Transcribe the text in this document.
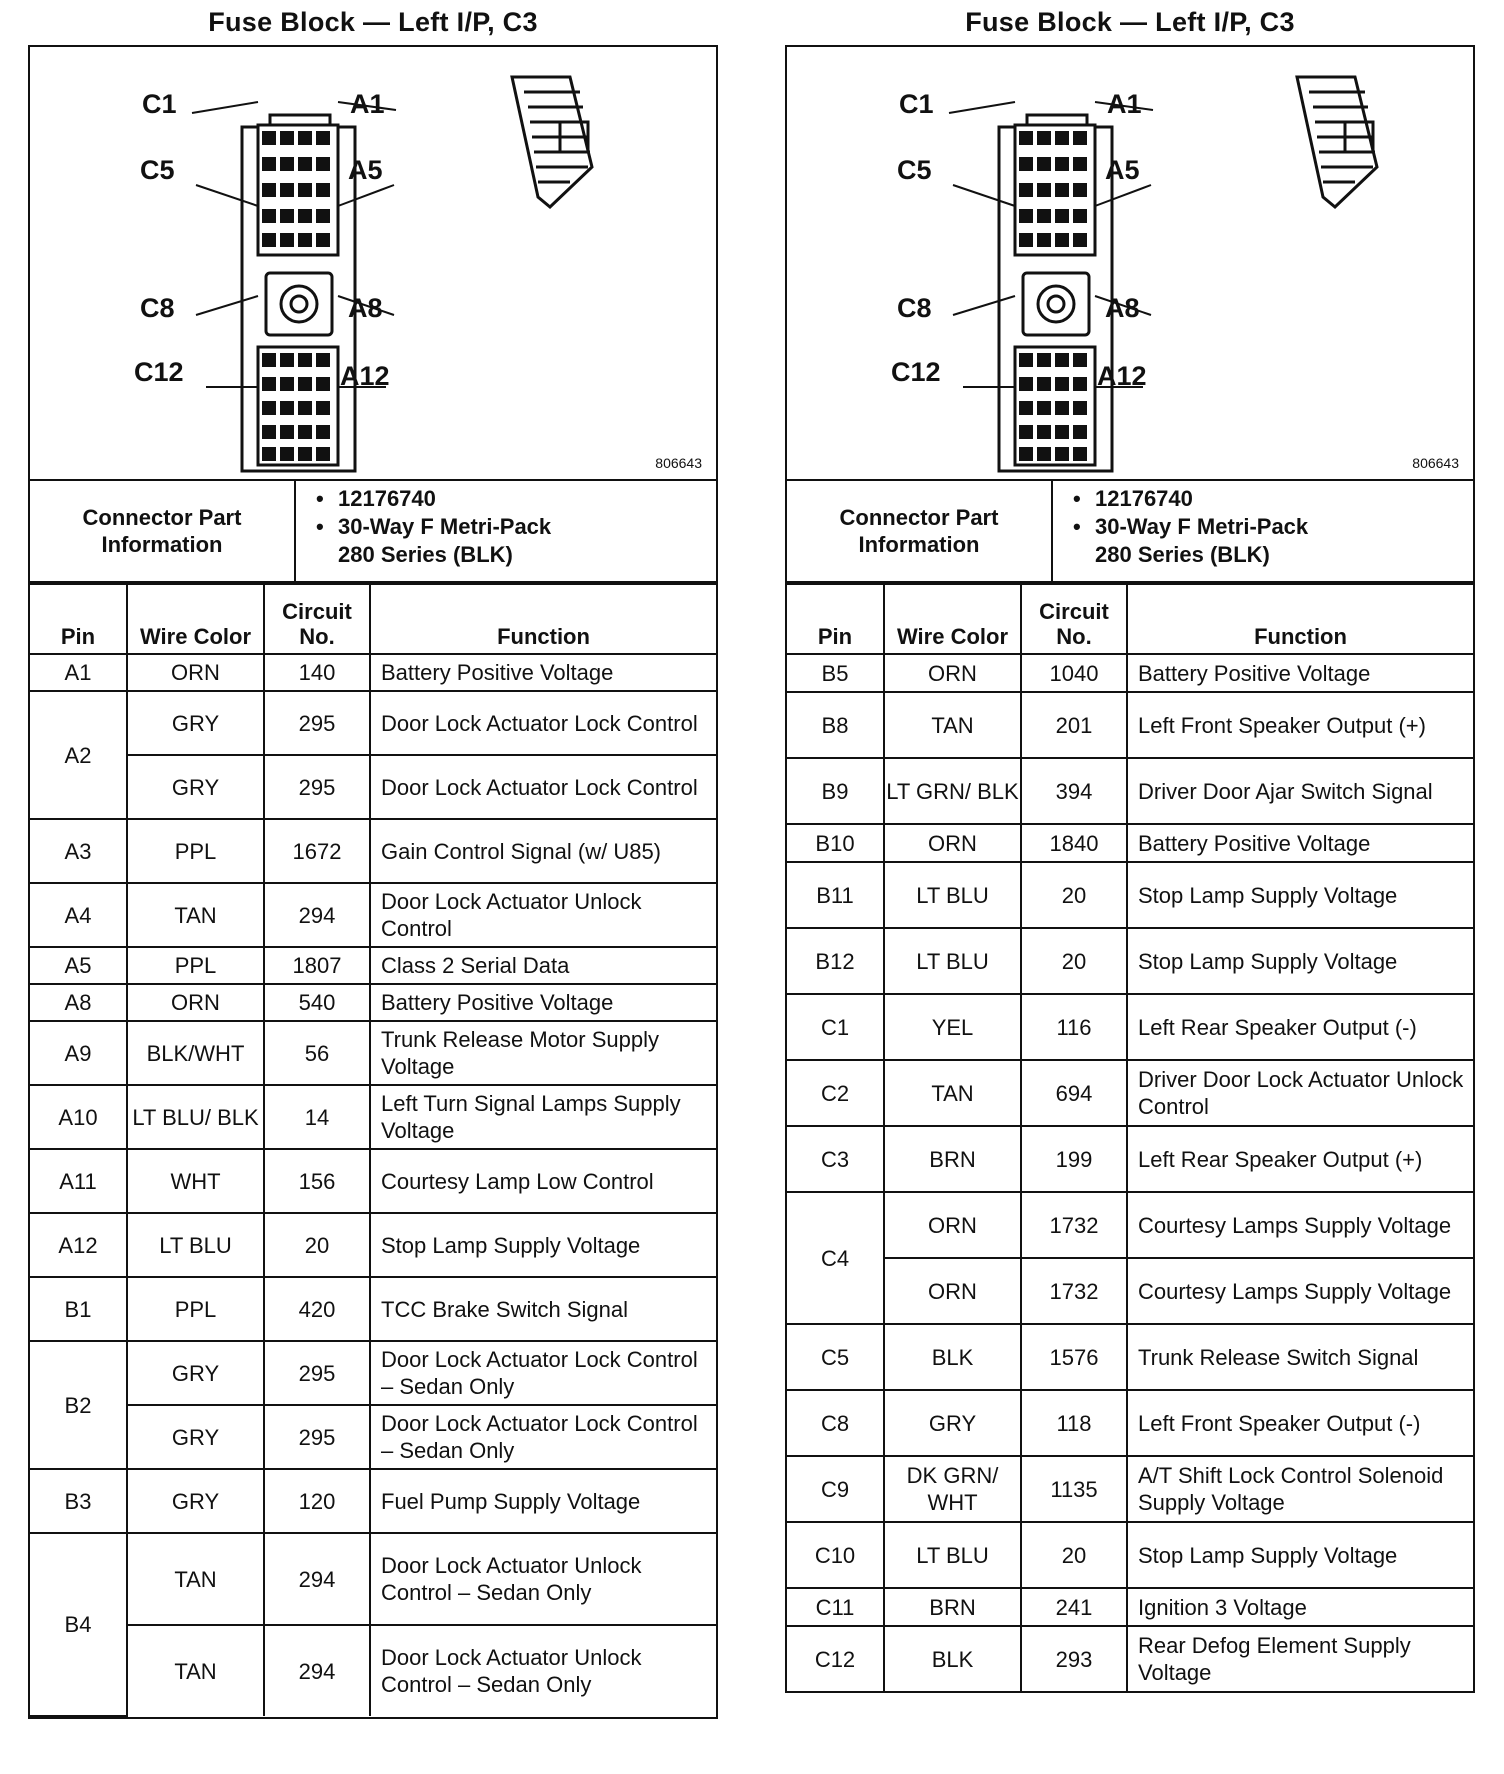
Fuse Block — Left I/P, C3
C1	A1
C5	A5
C8	A8
C12	A12
806643
Connector Part Information
• 12176740
• 30-Way F Metri-Pack
280 Series (BLK)
Pin	Wire Color	Circuit No.	Function
A1	ORN	140	Battery Positive Voltage
A2	GRY	295	Door Lock Actuator Lock Control
	GRY	295	Door Lock Actuator Lock Control
A3	PPL	1672	Gain Control Signal (w/ U85)
A4	TAN	294	Door Lock Actuator Unlock Control
A5	PPL	1807	Class 2 Serial Data
A8	ORN	540	Battery Positive Voltage
A9	BLK/WHT	56	Trunk Release Motor Supply Voltage
A10	LT BLU/ BLK	14	Left Turn Signal Lamps Supply Voltage
A11	WHT	156	Courtesy Lamp Low Control
A12	LT BLU	20	Stop Lamp Supply Voltage
B1	PPL	420	TCC Brake Switch Signal
B2	GRY	295	Door Lock Actuator Lock Control – Sedan Only
	GRY	295	Door Lock Actuator Lock Control – Sedan Only
B3	GRY	120	Fuel Pump Supply Voltage
B4	TAN	294	Door Lock Actuator Unlock Control – Sedan Only
	TAN	294	Door Lock Actuator Unlock Control – Sedan Only
Fuse Block — Left I/P, C3
C1	A1
C5	A5
C8	A8
C12	A12
806643
Connector Part Information
• 12176740
• 30-Way F Metri-Pack
280 Series (BLK)
Pin	Wire Color	Circuit No.	Function
B5	ORN	1040	Battery Positive Voltage
B8	TAN	201	Left Front Speaker Output (+)
B9	LT GRN/ BLK	394	Driver Door Ajar Switch Signal
B10	ORN	1840	Battery Positive Voltage
B11	LT BLU	20	Stop Lamp Supply Voltage
B12	LT BLU	20	Stop Lamp Supply Voltage
C1	YEL	116	Left Rear Speaker Output (-)
C2	TAN	694	Driver Door Lock Actuator Unlock Control
C3	BRN	199	Left Rear Speaker Output (+)
C4	ORN	1732	Courtesy Lamps Supply Voltage
	ORN	1732	Courtesy Lamps Supply Voltage
C5	BLK	1576	Trunk Release Switch Signal
C8	GRY	118	Left Front Speaker Output (-)
C9	DK GRN/ WHT	1135	A/T Shift Lock Control Solenoid Supply Voltage
C10	LT BLU	20	Stop Lamp Supply Voltage
C11	BRN	241	Ignition 3 Voltage
C12	BLK	293	Rear Defog Element Supply Voltage
